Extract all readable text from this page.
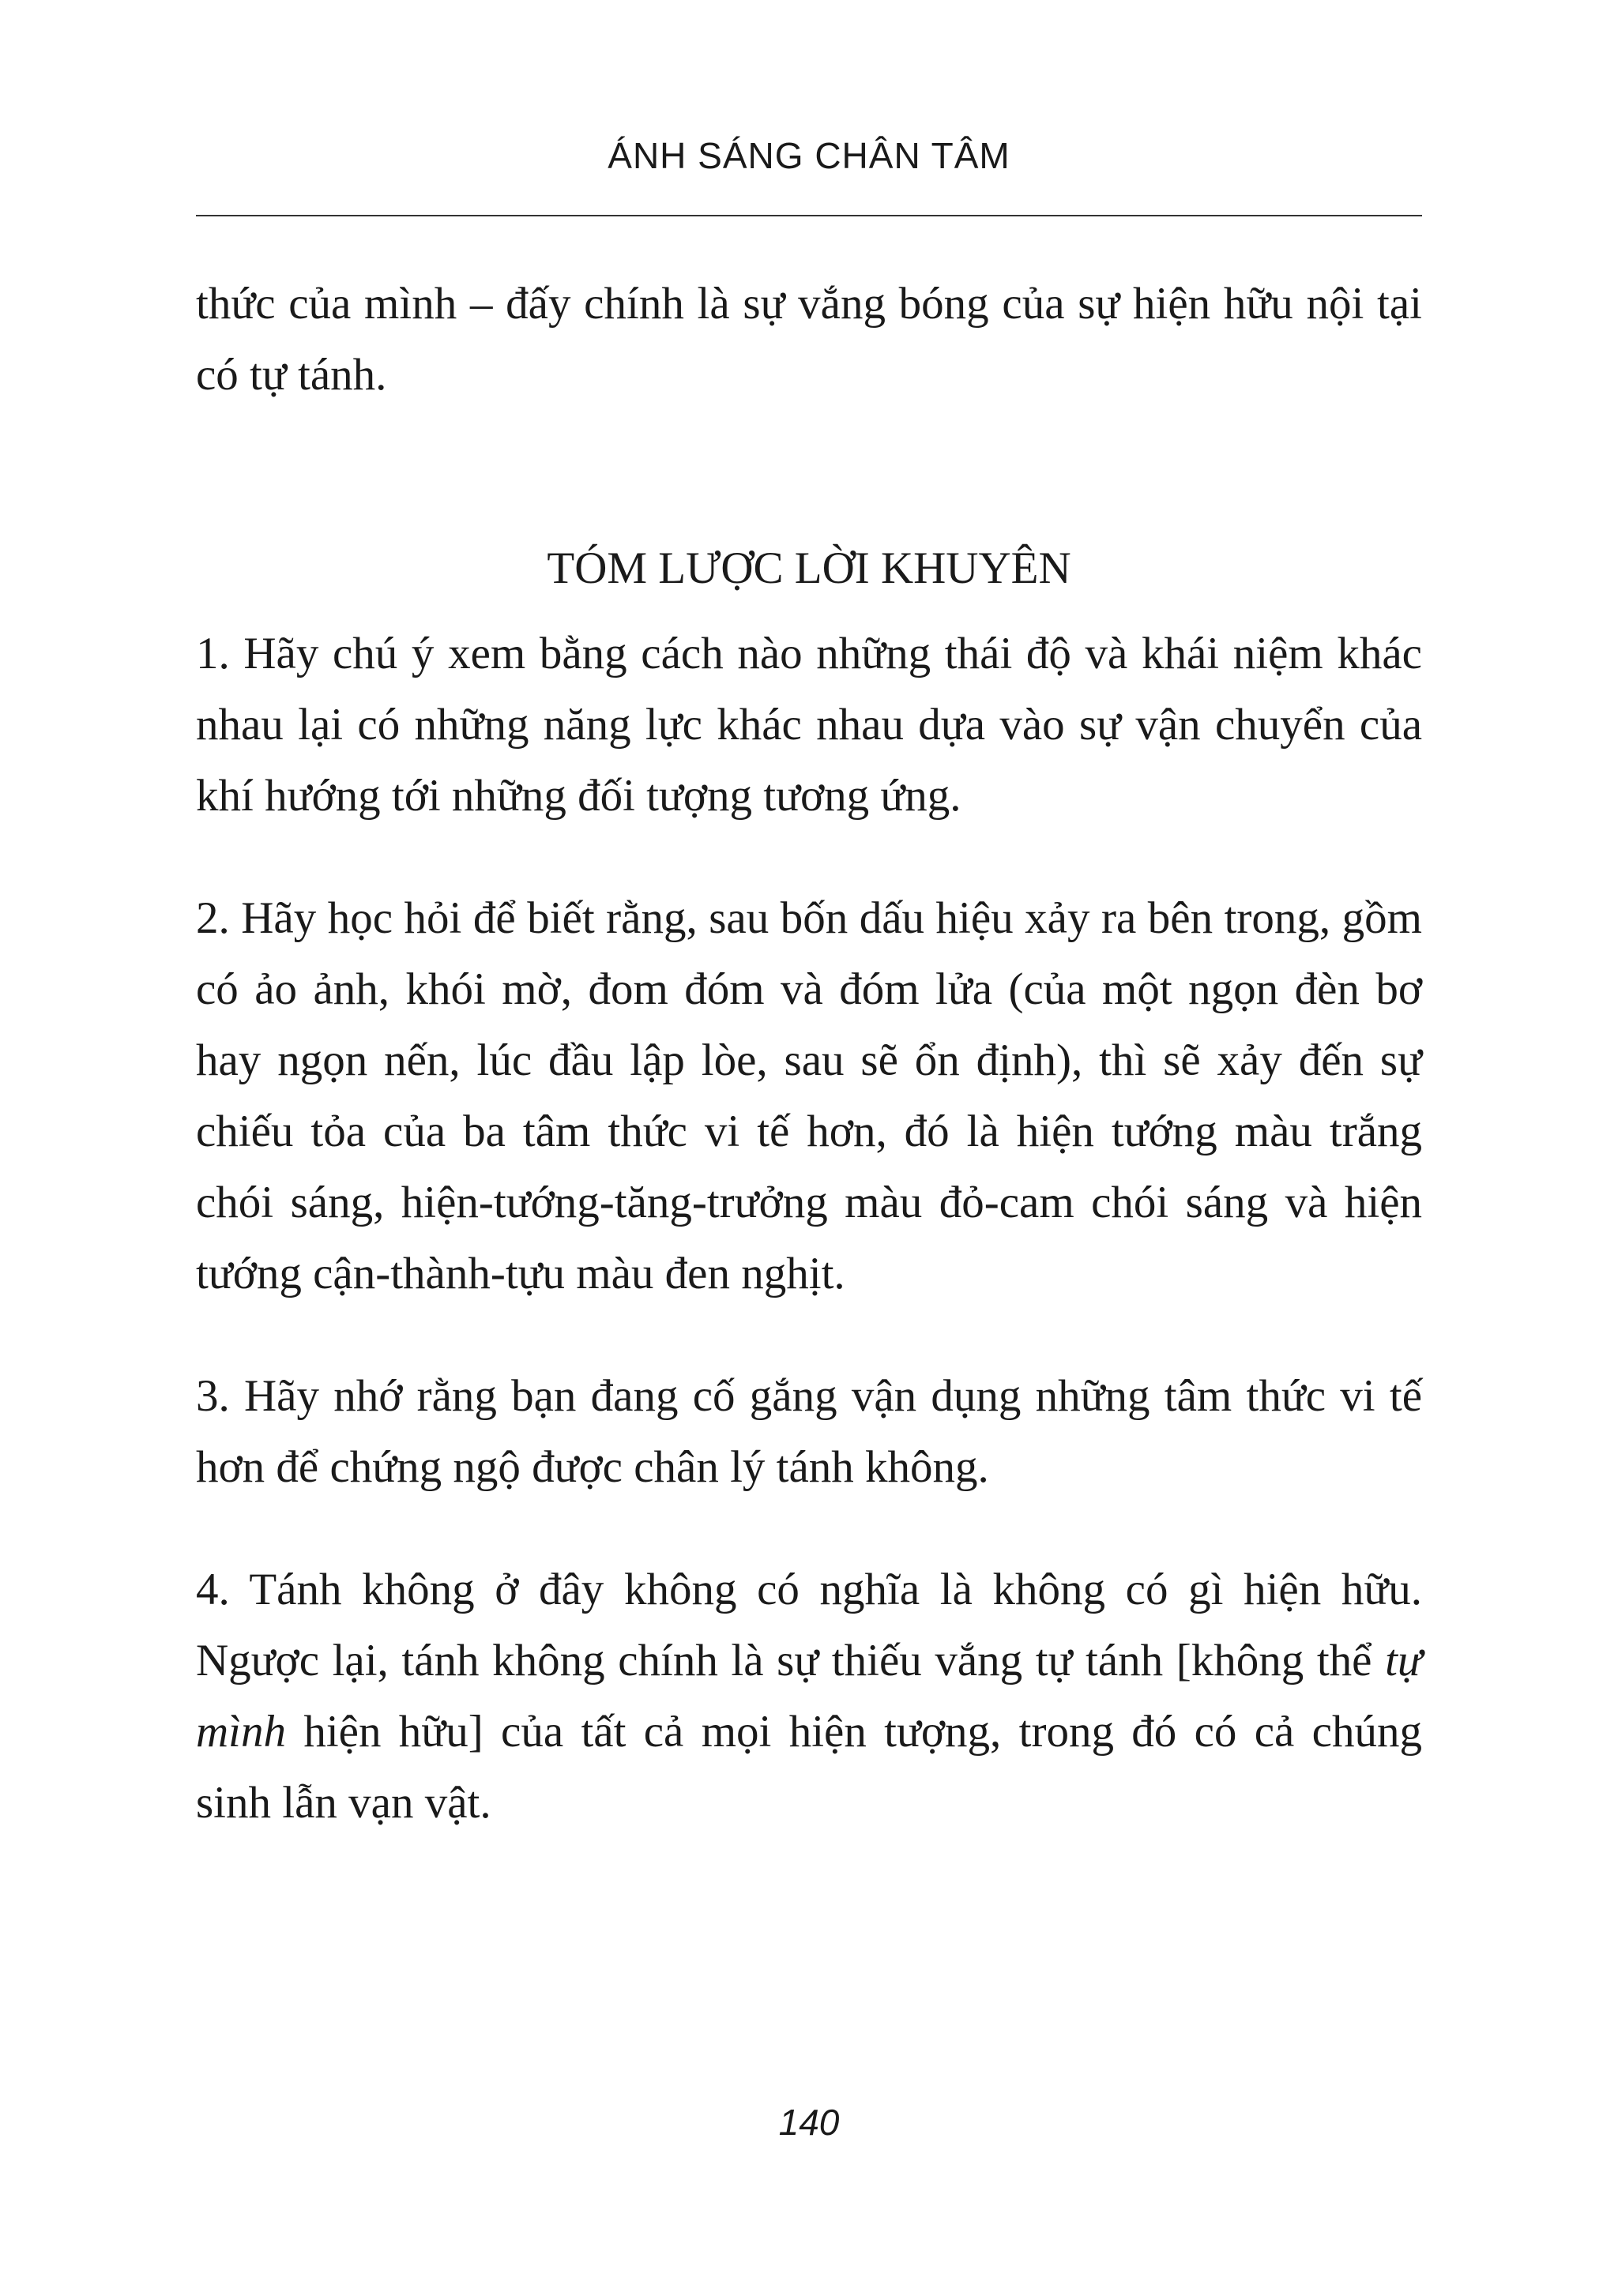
ÁNH SÁNG CHÂN TÂM

thức của mình – đấy chính là sự vắng bóng của sự hiện hữu nội tại có tự tánh.

TÓM LƯỢC LỜI KHUYÊN

1. Hãy chú ý xem bằng cách nào những thái độ và khái niệm khác nhau lại có những năng lực khác nhau dựa vào sự vận chuyển của khí hướng tới những đối tượng tương ứng.

2. Hãy học hỏi để biết rằng, sau bốn dấu hiệu xảy ra bên trong, gồm có ảo ảnh, khói mờ, đom đóm và đóm lửa (của một ngọn đèn bơ hay ngọn nến, lúc đầu lập lòe, sau sẽ ổn định), thì sẽ xảy đến sự chiếu tỏa của ba tâm thức vi tế hơn, đó là hiện tướng màu trắng chói sáng, hiện-tướng-tăng-trưởng màu đỏ-cam chói sáng và hiện tướng cận-thành-tựu màu đen nghịt.

3. Hãy nhớ rằng bạn đang cố gắng vận dụng những tâm thức vi tế hơn để chứng ngộ được chân lý tánh không.

4. Tánh không ở đây không có nghĩa là không có gì hiện hữu. Ngược lại, tánh không chính là sự thiếu vắng tự tánh [không thể tự mình hiện hữu] của tất cả mọi hiện tượng, trong đó có cả chúng sinh lẫn vạn vật.

140
